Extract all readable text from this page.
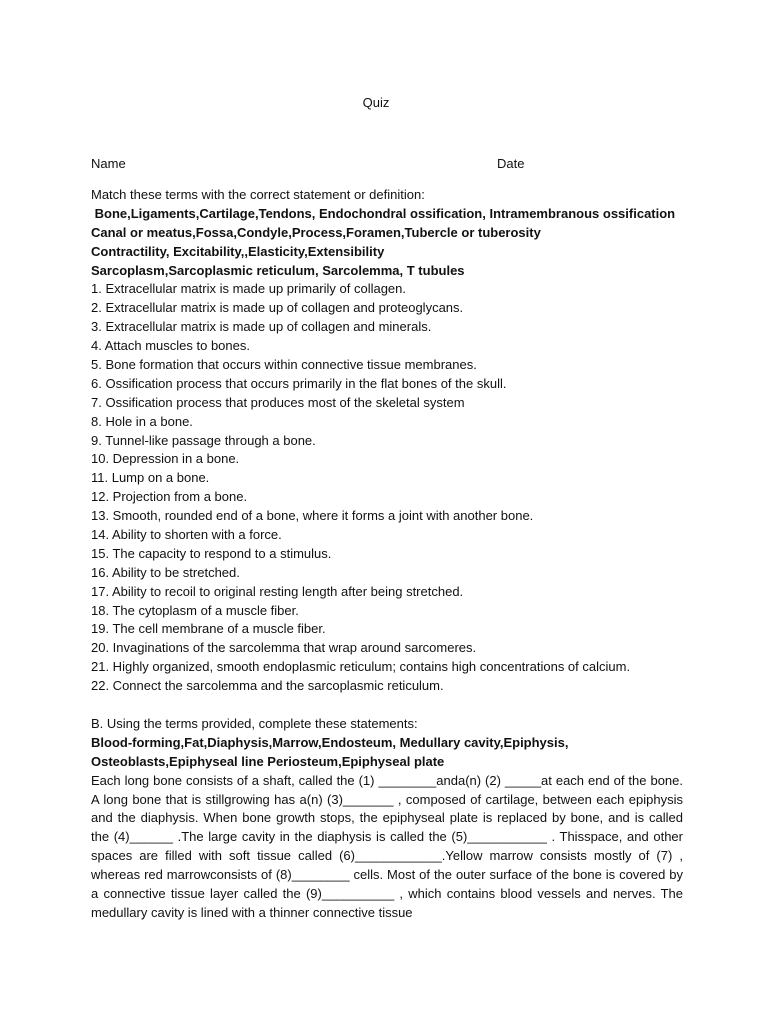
Quiz
Name	Date
Match these terms with the correct statement or definition:
Bone,Ligaments,Cartilage,Tendons, Endochondral ossification, Intramembranous ossification
Canal or meatus,Fossa,Condyle,Process,Foramen,Tubercle or tuberosity
Contractility, Excitability,,Elasticity,Extensibility
Sarcoplasm,Sarcoplasmic reticulum, Sarcolemma, T tubules
1. Extracellular matrix is made up primarily of collagen.
2. Extracellular matrix is made up of collagen and proteoglycans.
3. Extracellular matrix is made up of collagen and minerals.
4. Attach muscles to bones.
5. Bone formation that occurs within connective tissue membranes.
6. Ossification process that occurs primarily in the flat bones of the skull.
7. Ossification process that produces most of the skeletal system
8. Hole in a bone.
9. Tunnel-like passage through a bone.
10. Depression in a bone.
11. Lump on a bone.
12. Projection from a bone.
13. Smooth, rounded end of a bone, where it forms a joint with another bone.
14. Ability to shorten with a force.
15. The capacity to respond to a stimulus.
16. Ability to be stretched.
17. Ability to recoil to original resting length after being stretched.
18. The cytoplasm of a muscle fiber.
19. The cell membrane of a muscle fiber.
20. Invaginations of the sarcolemma that wrap around sarcomeres.
21. Highly organized, smooth endoplasmic reticulum; contains high concentrations of calcium.
22. Connect the sarcolemma and the sarcoplasmic reticulum.
B. Using the terms provided, complete these statements:
Blood-forming,Fat,Diaphysis,Marrow,Endosteum, Medullary cavity,Epiphysis,
Osteoblasts,Epiphyseal line Periosteum,Epiphyseal plate
Each long bone consists of a shaft, called the (1) ________anda(n) (2) _____at each end of the bone. A long bone that is stillgrowing has a(n) (3)_______ , composed of cartilage, between each epiphysis and the diaphysis. When bone growth stops, the epiphyseal plate is replaced by bone, and is called the (4)______ .The large cavity in the diaphysis is called the (5)___________ . Thisspace, and other spaces are filled with soft tissue called (6)____________.Yellow marrow consists mostly of (7) , whereas red marrowconsists of (8)________ cells. Most of the outer surface of the bone is covered by a connective tissue layer called the (9)__________ , which contains blood vessels and nerves. The medullary cavity is lined with a thinner connective tissue
